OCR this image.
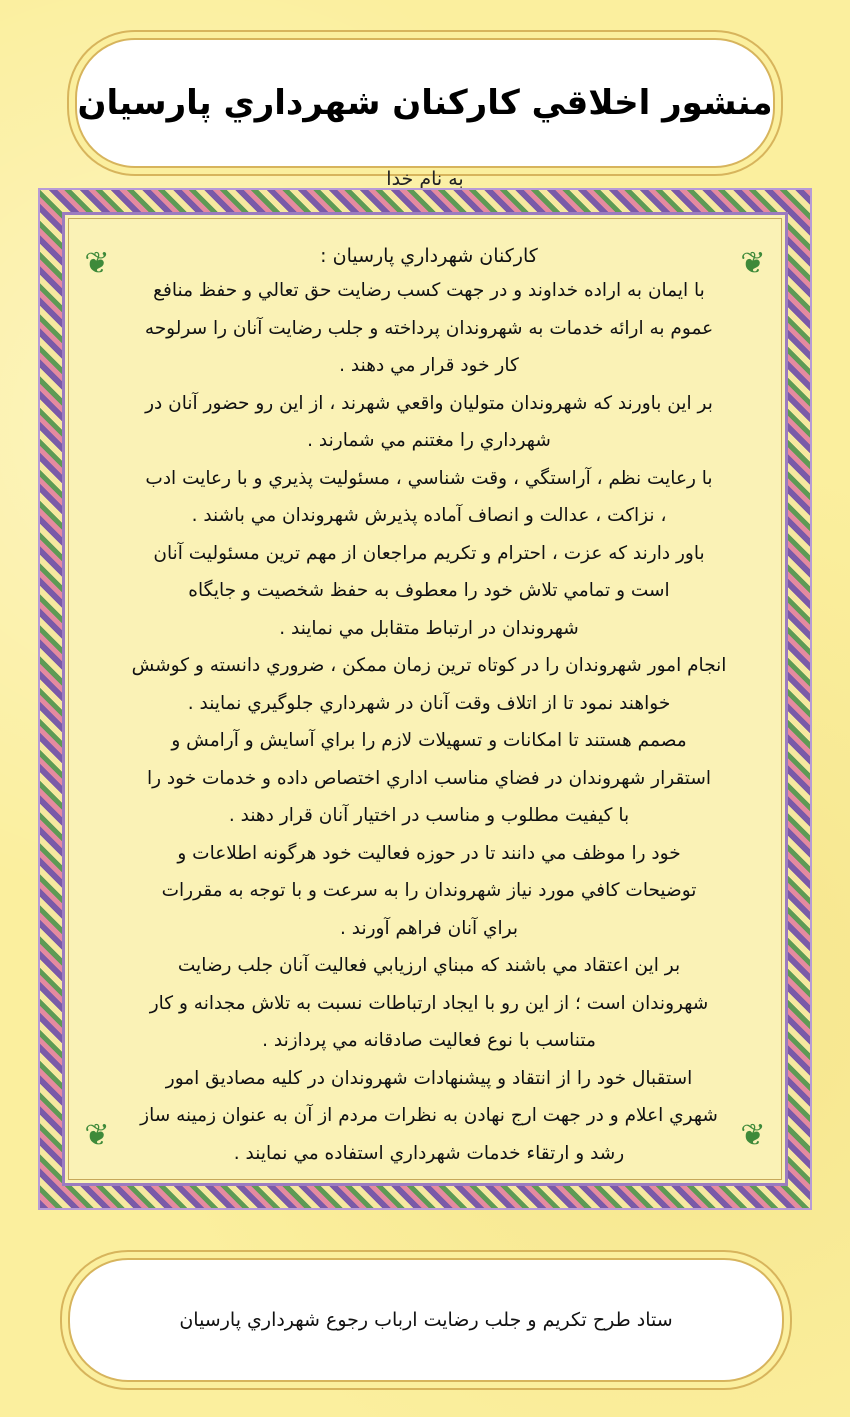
منشور اخلاقي كاركنان شهرداري پارسيان
به نام خدا
❦	❦
❦	❦
كاركنان شهرداري پارسيان :
با ايمان به اراده خداوند و در جهت كسب رضايت حق تعالي و حفظ منافع
عموم به ارائه خدمات به شهروندان پرداخته و جلب رضايت آنان را سرلوحه
كار خود قرار مي دهند .
بر اين باورند كه شهروندان متوليان واقعي شهرند ، از اين رو حضور آنان در
شهرداري را مغتنم مي شمارند .
با رعايت نظم ، آراستگي ، وقت شناسي ، مسئوليت پذيري و با رعايت ادب
، نزاكت ، عدالت و انصاف آماده پذيرش شهروندان مي باشند .
باور دارند كه عزت ، احترام و تكريم مراجعان از مهم ترين مسئوليت آنان
است و تمامي تلاش خود را معطوف به حفظ شخصيت و جايگاه
شهروندان در ارتباط متقابل مي نمايند .
انجام امور شهروندان را در كوتاه ترين زمان ممكن ، ضروري دانسته و كوشش
خواهند نمود تا از اتلاف وقت آنان در شهرداري جلوگيري نمايند .
مصمم هستند تا امكانات و تسهيلات لازم را براي آسايش و آرامش و
استقرار شهروندان در فضاي مناسب اداري اختصاص داده و خدمات خود را
با كيفيت مطلوب و مناسب در اختيار آنان قرار دهند .
خود را موظف مي دانند تا در حوزه فعاليت خود هرگونه اطلاعات و
توضيحات كافي مورد نياز شهروندان را به سرعت و با توجه به مقررات
براي آنان فراهم آورند .
بر اين اعتقاد مي باشند كه مبناي ارزيابي فعاليت آنان جلب رضايت
شهروندان است ؛ از اين رو با ايجاد ارتباطات نسبت به تلاش مجدانه و كار
متناسب با نوع فعاليت صادقانه مي پردازند .
استقبال خود را از انتقاد و پيشنهادات شهروندان در كليه مصاديق امور
شهري اعلام و در جهت ارج نهادن به نظرات مردم از آن به عنوان زمينه ساز
رشد و ارتقاء خدمات شهرداري استفاده مي نمايند .
ستاد طرح تكريم و جلب رضايت ارباب رجوع شهرداري پارسيان
